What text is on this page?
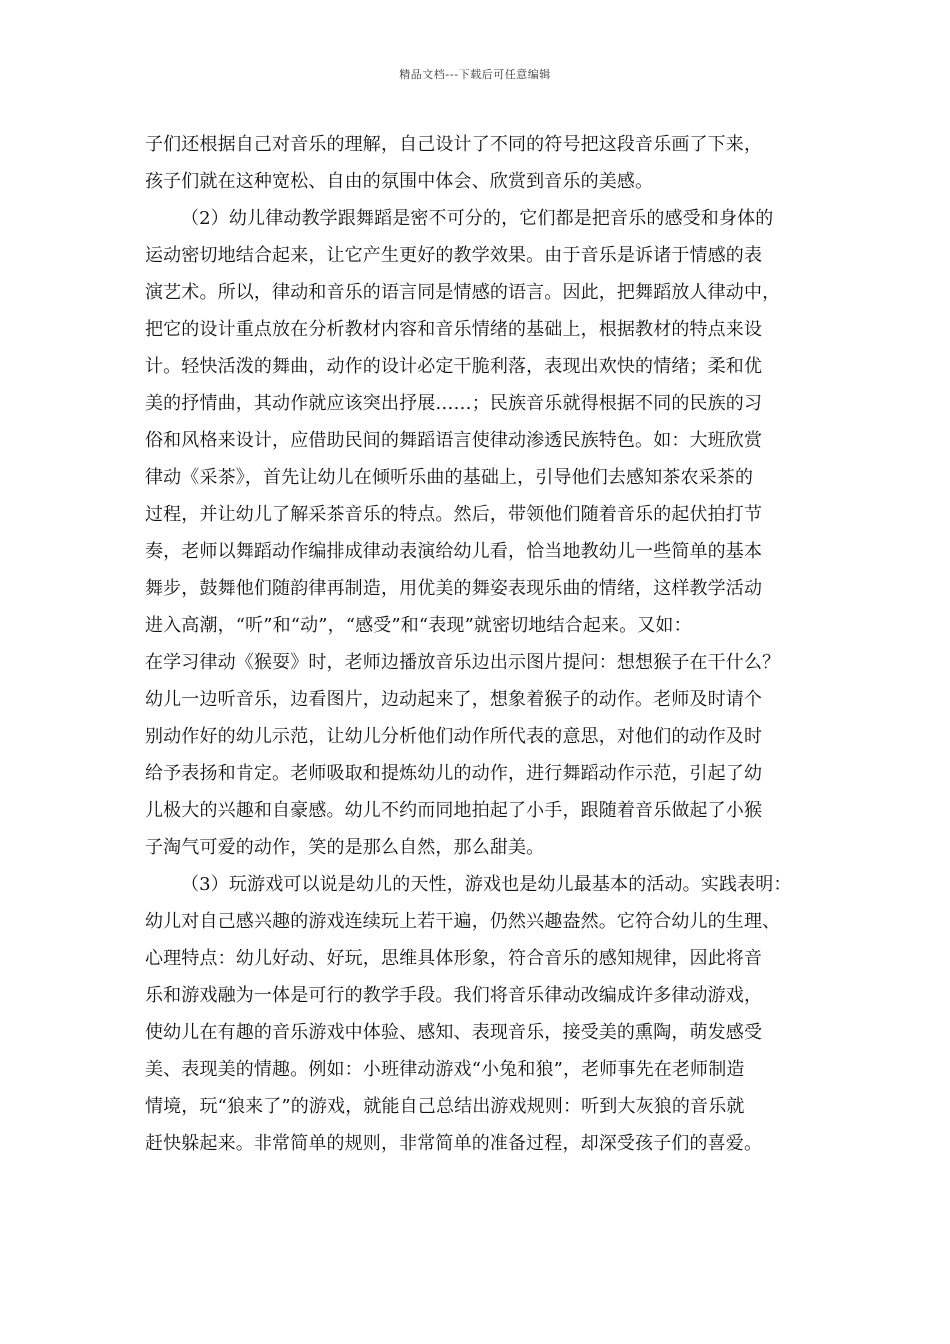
精品文档---下载后可任意编辑
子们还根据自己对音乐的理解，自己设计了不同的符号把这段音乐画了下来，
孩子们就在这种宽松、自由的氛围中体会、欣赏到音乐的美感。
（2）幼儿律动教学跟舞蹈是密不可分的，它们都是把音乐的感受和身体的
运动密切地结合起来，让它产生更好的教学效果。由于音乐是诉诸于情感的表
演艺术。所以，律动和音乐的语言同是情感的语言。因此，把舞蹈放人律动中，
把它的设计重点放在分析教材内容和音乐情绪的基础上，根据教材的特点来设
计。轻快活泼的舞曲，动作的设计必定干脆利落，表现出欢快的情绪；柔和优
美的抒情曲，其动作就应该突出抒展……；民族音乐就得根据不同的民族的习
俗和风格来设计，应借助民间的舞蹈语言使律动渗透民族特色。如：大班欣赏
律动《采茶》，首先让幼儿在倾听乐曲的基础上，引导他们去感知茶农采茶的
过程，并让幼儿了解采茶音乐的特点。然后，带领他们随着音乐的起伏拍打节
奏，老师以舞蹈动作编排成律动表演给幼儿看，恰当地教幼儿一些简单的基本
舞步，鼓舞他们随韵律再制造，用优美的舞姿表现乐曲的情绪，这样教学活动
进入高潮，“听”和“动”，“感受”和“表现”就密切地结合起来。又如：
在学习律动《猴耍》时，老师边播放音乐边出示图片提问：想想猴子在干什么？
幼儿一边听音乐，边看图片，边动起来了，想象着猴子的动作。老师及时请个
别动作好的幼儿示范，让幼儿分析他们动作所代表的意思，对他们的动作及时
给予表扬和肯定。老师吸取和提炼幼儿的动作，进行舞蹈动作示范，引起了幼
儿极大的兴趣和自豪感。幼儿不约而同地拍起了小手，跟随着音乐做起了小猴
子淘气可爱的动作，笑的是那么自然，那么甜美。
（3）玩游戏可以说是幼儿的天性，游戏也是幼儿最基本的活动。实践表明：
幼儿对自己感兴趣的游戏连续玩上若干遍，仍然兴趣盎然。它符合幼儿的生理、
心理特点：幼儿好动、好玩，思维具体形象，符合音乐的感知规律，因此将音
乐和游戏融为一体是可行的教学手段。我们将音乐律动改编成许多律动游戏，
使幼儿在有趣的音乐游戏中体验、感知、表现音乐，接受美的熏陶，萌发感受
美、表现美的情趣。例如：小班律动游戏“小兔和狼”，老师事先在老师制造
情境，玩“狼来了”的游戏，就能自己总结出游戏规则：听到大灰狼的音乐就
赶快躲起来。非常简单的规则，非常简单的准备过程，却深受孩子们的喜爱。
